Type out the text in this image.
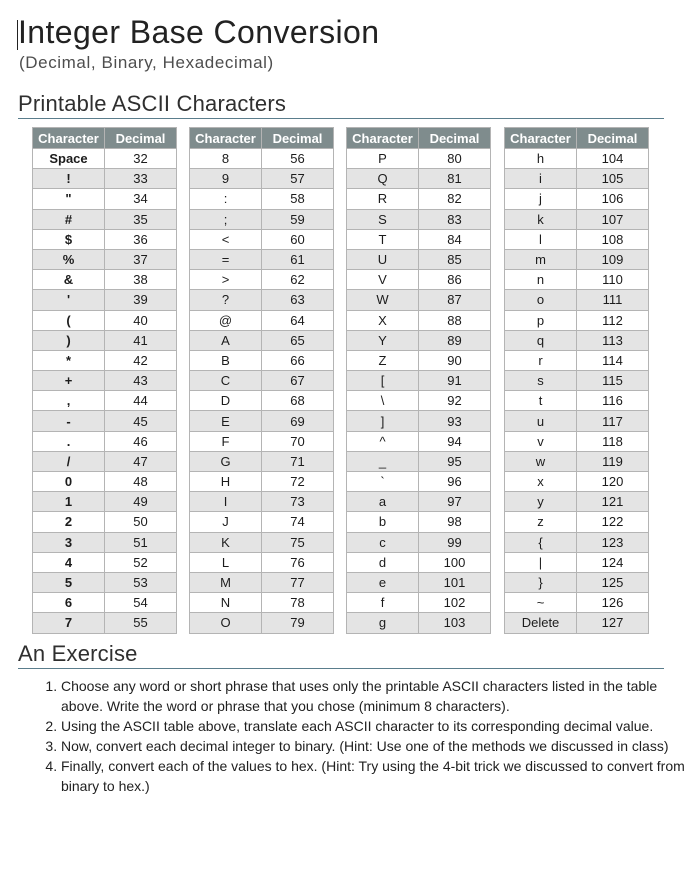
Integer Base Conversion
(Decimal, Binary, Hexadecimal)
Printable ASCII Characters
Character	Decimal
Space	32
!	33
"	34
#	35
$	36
%	37
&	38
'	39
(	40
)	41
*	42
+	43
,	44
-	45
.	46
/	47
0	48
1	49
2	50
3	51
4	52
5	53
6	54
7	55
Character	Decimal
8	56
9	57
:	58
;	59
<	60
=	61
>	62
?	63
@	64
A	65
B	66
C	67
D	68
E	69
F	70
G	71
H	72
I	73
J	74
K	75
L	76
M	77
N	78
O	79
Character	Decimal
P	80
Q	81
R	82
S	83
T	84
U	85
V	86
W	87
X	88
Y	89
Z	90
[	91
\	92
]	93
^	94
_	95
`	96
a	97
b	98
c	99
d	100
e	101
f	102
g	103
Character	Decimal
h	104
i	105
j	106
k	107
l	108
m	109
n	110
o	111
p	112
q	113
r	114
s	115
t	116
u	117
v	118
w	119
x	120
y	121
z	122
{	123
|	124
}	125
~	126
Delete	127
An Exercise
1. Choose any word or short phrase that uses only the printable ASCII characters listed in the table above. Write the word or phrase that you chose (minimum 8 characters).
2. Using the ASCII table above, translate each ASCII character to its corresponding decimal value.
3. Now, convert each decimal integer to binary. (Hint: Use one of the methods we discussed in class)
4. Finally, convert each of the values to hex. (Hint: Try using the 4-bit trick we discussed to convert from binary to hex.)
